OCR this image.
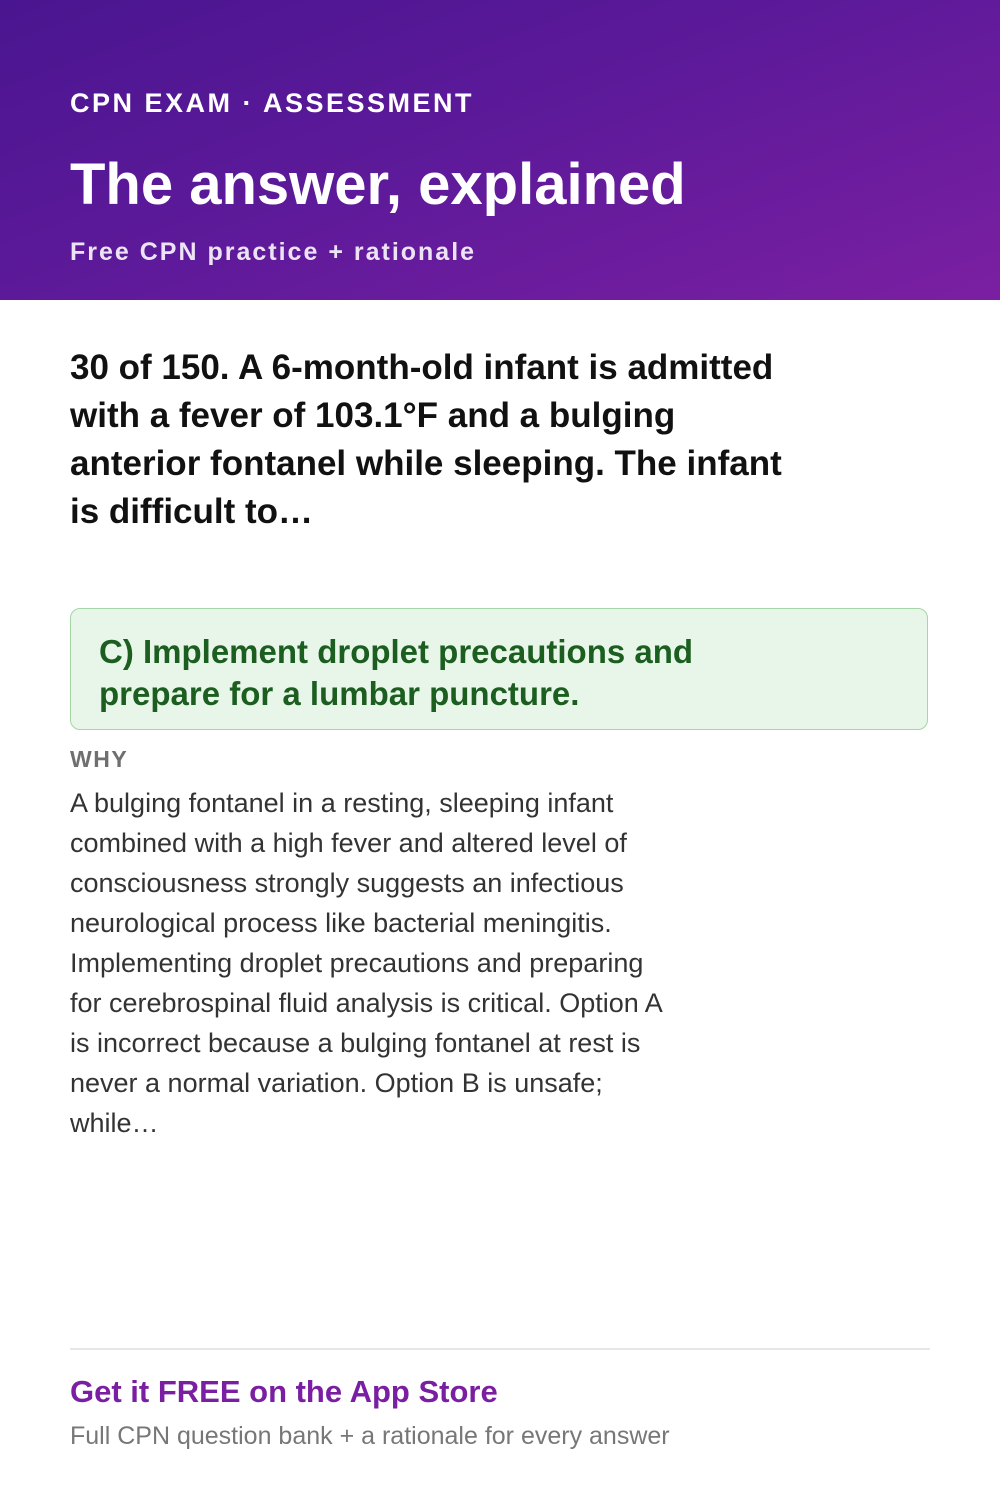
CPN EXAM · ASSESSMENT
The answer, explained
Free CPN practice + rationale
30 of 150. A 6-month-old infant is admitted with a fever of 103.1°F and a bulging anterior fontanel while sleeping. The infant is difficult to…
C) Implement droplet precautions and prepare for a lumbar puncture.
WHY
A bulging fontanel in a resting, sleeping infant combined with a high fever and altered level of consciousness strongly suggests an infectious neurological process like bacterial meningitis. Implementing droplet precautions and preparing for cerebrospinal fluid analysis is critical. Option A is incorrect because a bulging fontanel at rest is never a normal variation. Option B is unsafe; while…
Get it FREE on the App Store
Full CPN question bank + a rationale for every answer
